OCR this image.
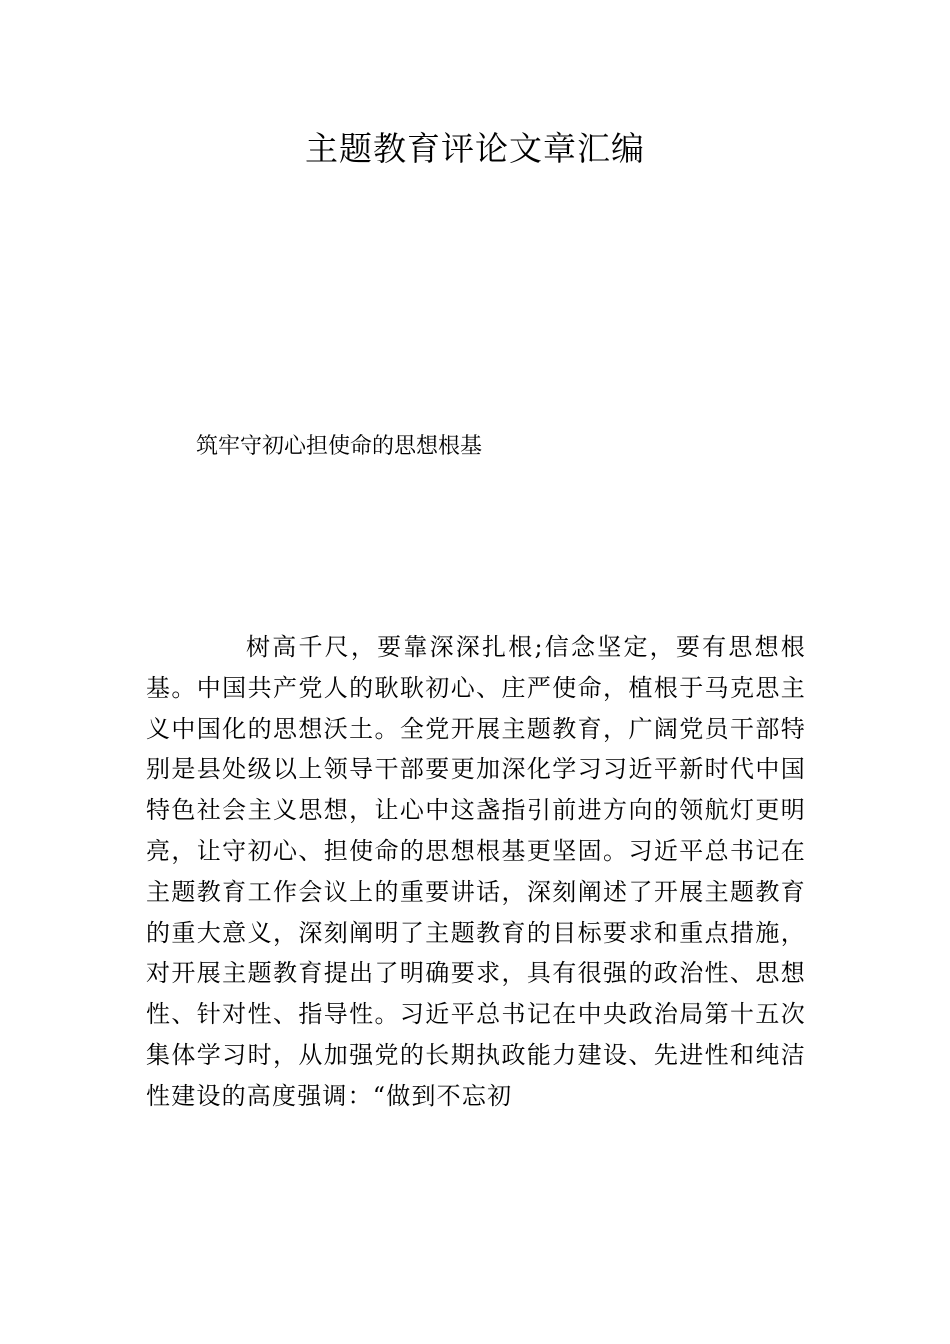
主题教育评论文章汇编
筑牢守初心担使命的思想根基

树高千尺，要靠深深扎根;信念坚定，要有思想根基。中国共产党人的耿耿初心、庄严使命，植根于马克思主义中国化的思想沃土。全党开展主题教育，广阔党员干部特别是县处级以上领导干部要更加深化学习习近平新时代中国特色社会主义思想，让心中这盏指引前进方向的领航灯更明亮，让守初心、担使命的思想根基更坚固。习近平总书记在主题教育工作会议上的重要讲话，深刻阐述了开展主题教育的重大意义，深刻阐明了主题教育的目标要求和重点措施，对开展主题教育提出了明确要求，具有很强的政治性、思想性、针对性、指导性。习近平总书记在中央政治局第十五次集体学习时，从加强党的长期执政能力建设、先进性和纯洁性建设的高度强调：“做到不忘初
